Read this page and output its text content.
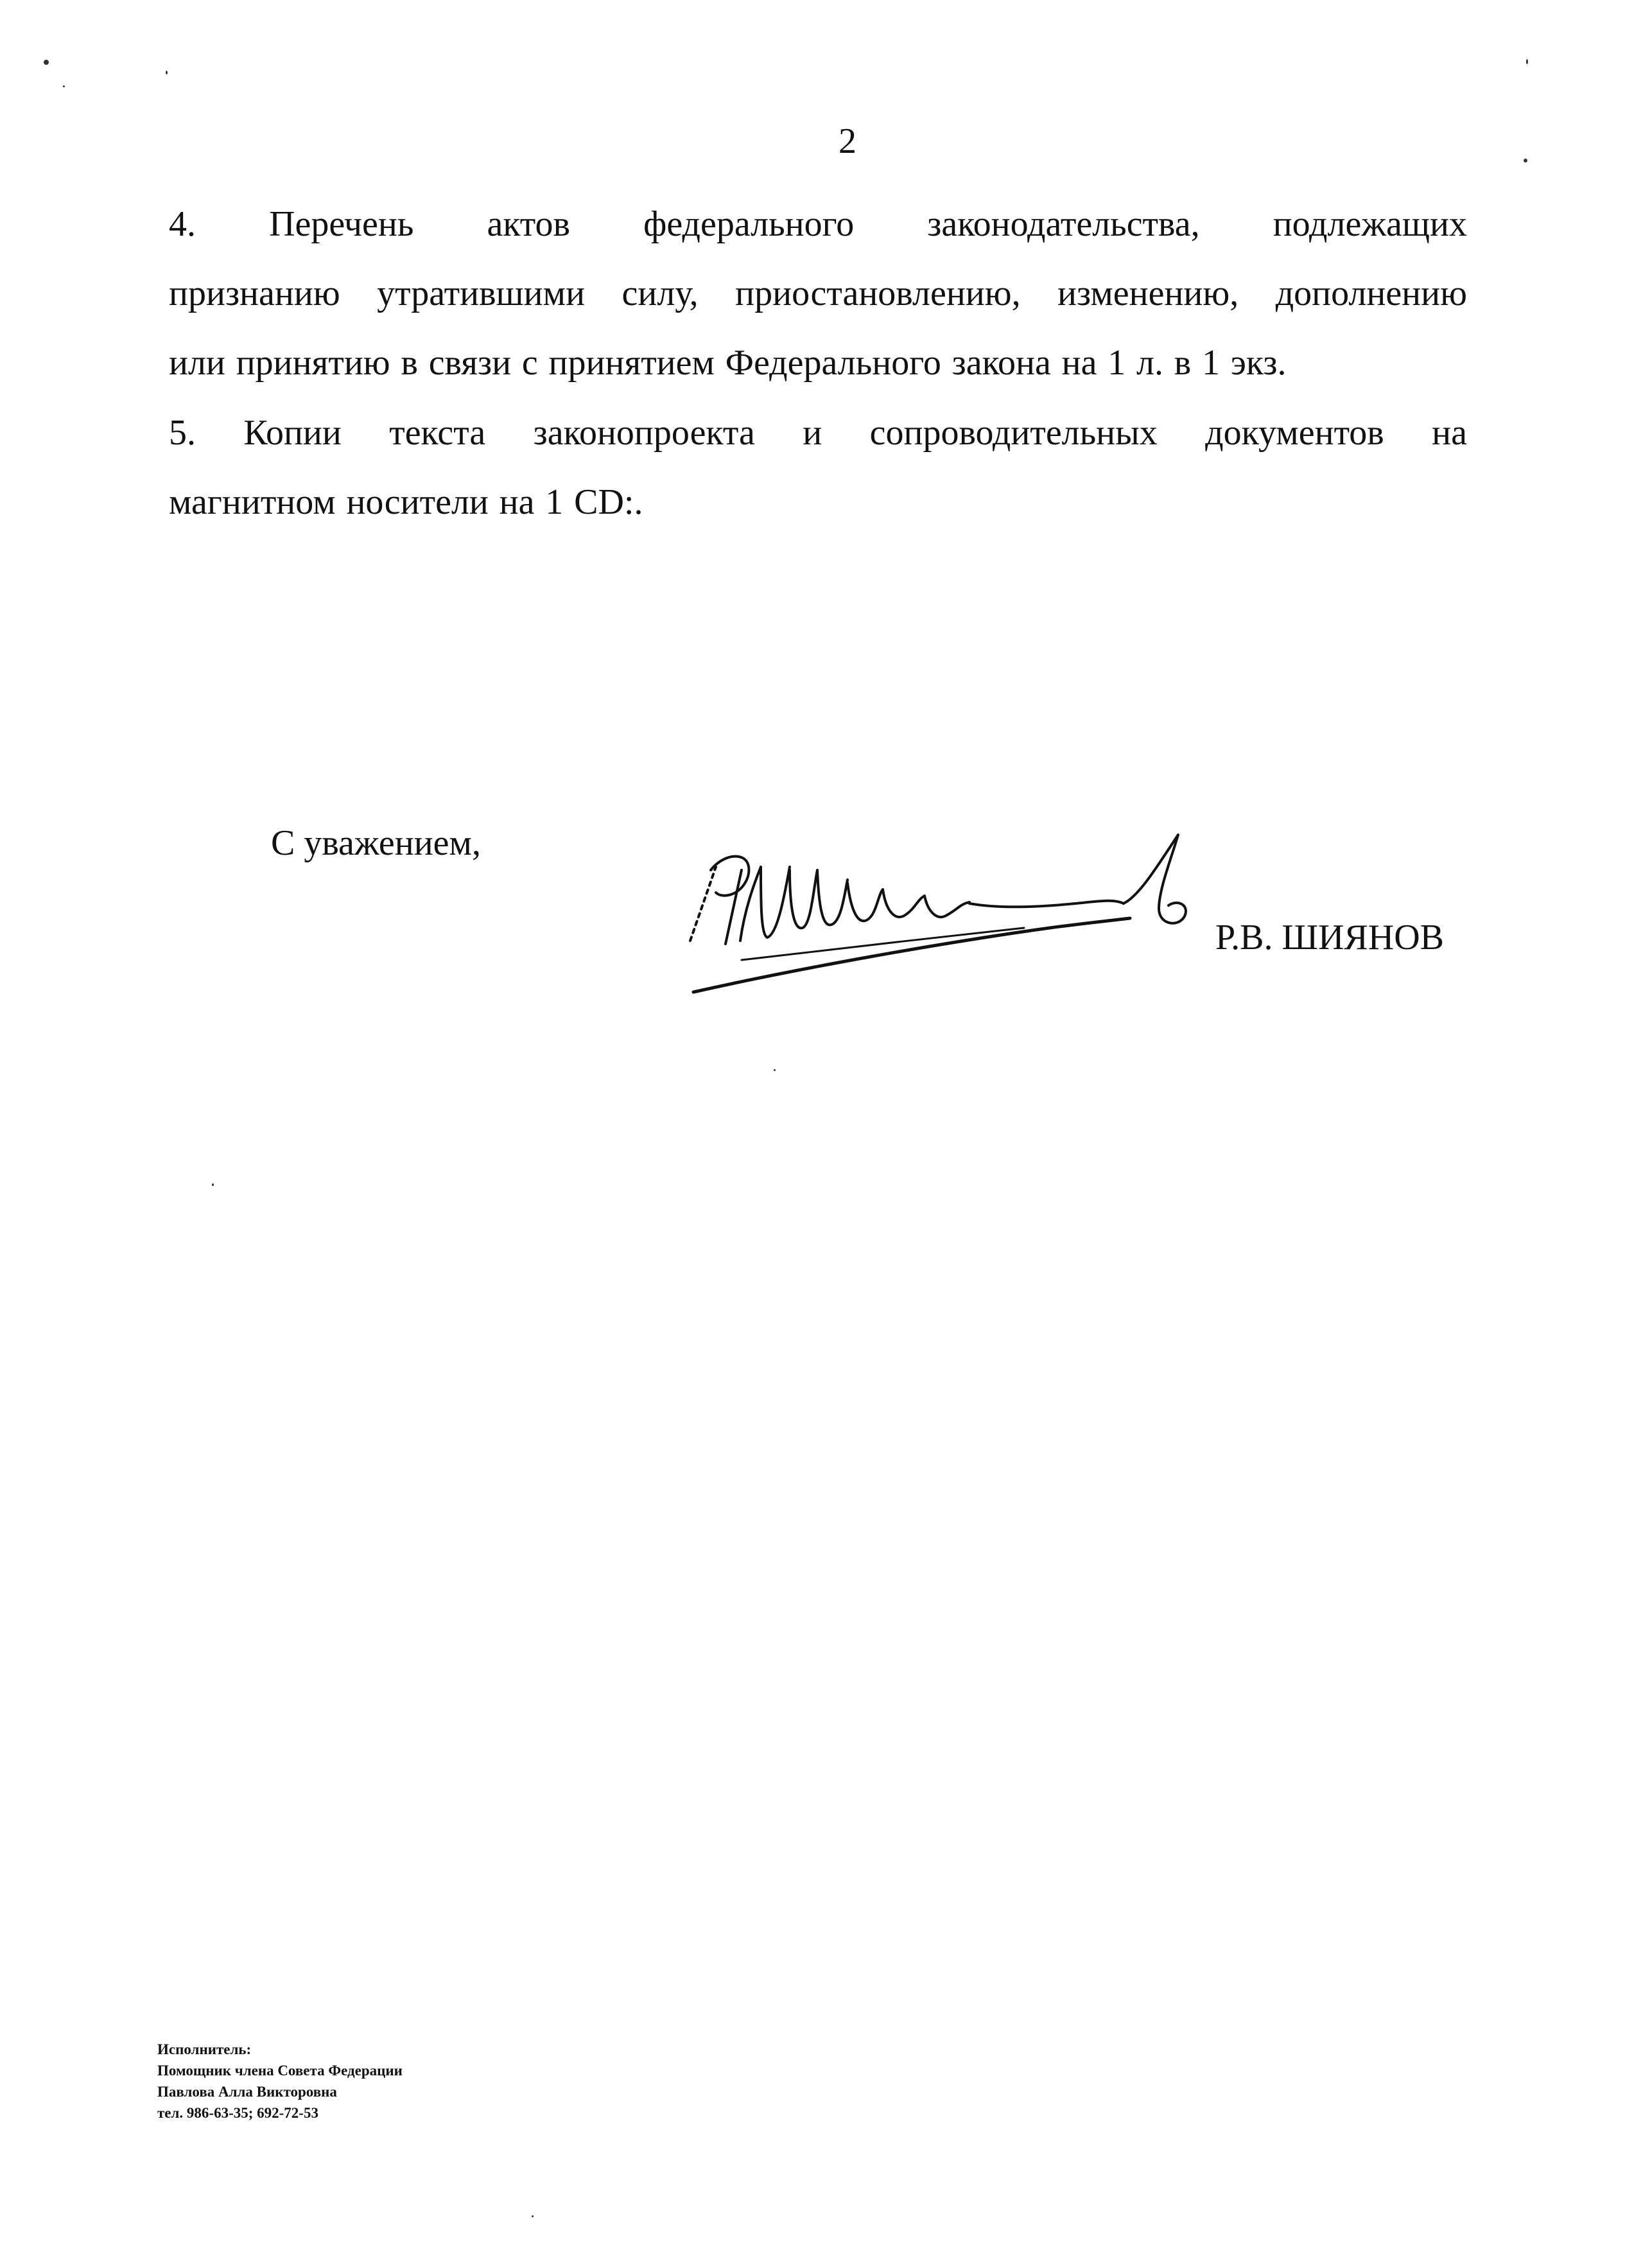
2
4. Перечень актов федерального законодательства, подлежащих
признанию утратившими силу, приостановлению, изменению, дополнению
или принятию в связи с принятием Федерального закона на 1 л. в 1 экз.
5. Копии текста законопроекта и сопроводительных документов на
магнитном носители на 1 CD:.
С уважением,
Р.В. ШИЯНОВ
Исполнитель:
Помощник члена Совета Федерации
Павлова Алла Викторовна
тел. 986-63-35; 692-72-53
